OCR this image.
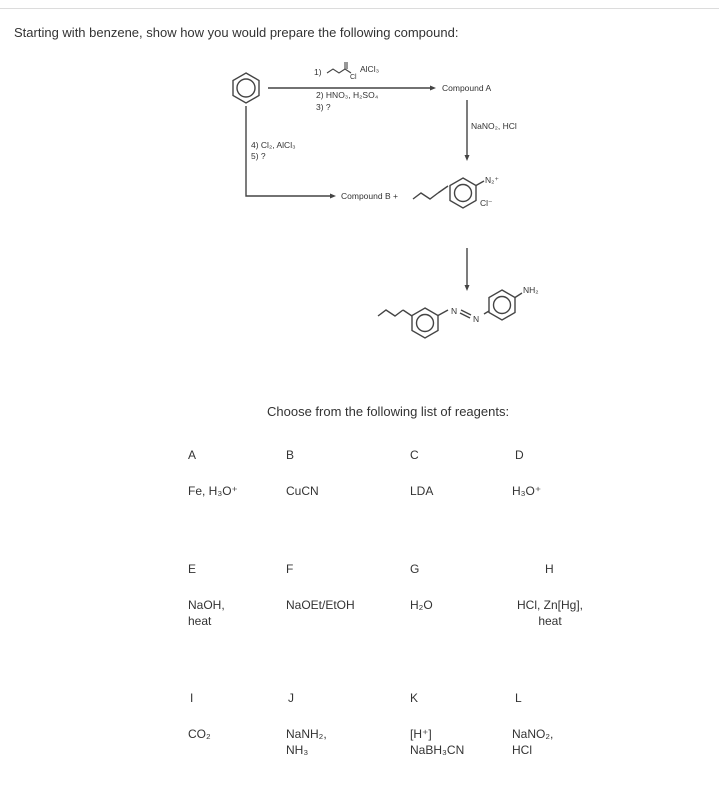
Starting with benzene, show how you would prepare the following compound:
1)
Cl
AlCl₃
2) HNO₃, H₂SO₄
3) ?
Compound A
NaNO₂, HCl
4) Cl₂, AlCl₃
5) ?
Compound B +
N₂⁺
Cl⁻
N
N
NH₂
Choose from the following list of reagents:
A
Fe, H₃O⁺
B
CuCN
C
LDA
D
H₃O⁺
E
NaOH,
heat
F
NaOEt/EtOH
G
H₂O
H
HCl, Zn[Hg],
heat
I
CO₂
J
NaNH₂,
NH₃
K
[H⁺]
NaBH₃CN
L
NaNO₂,
HCl
